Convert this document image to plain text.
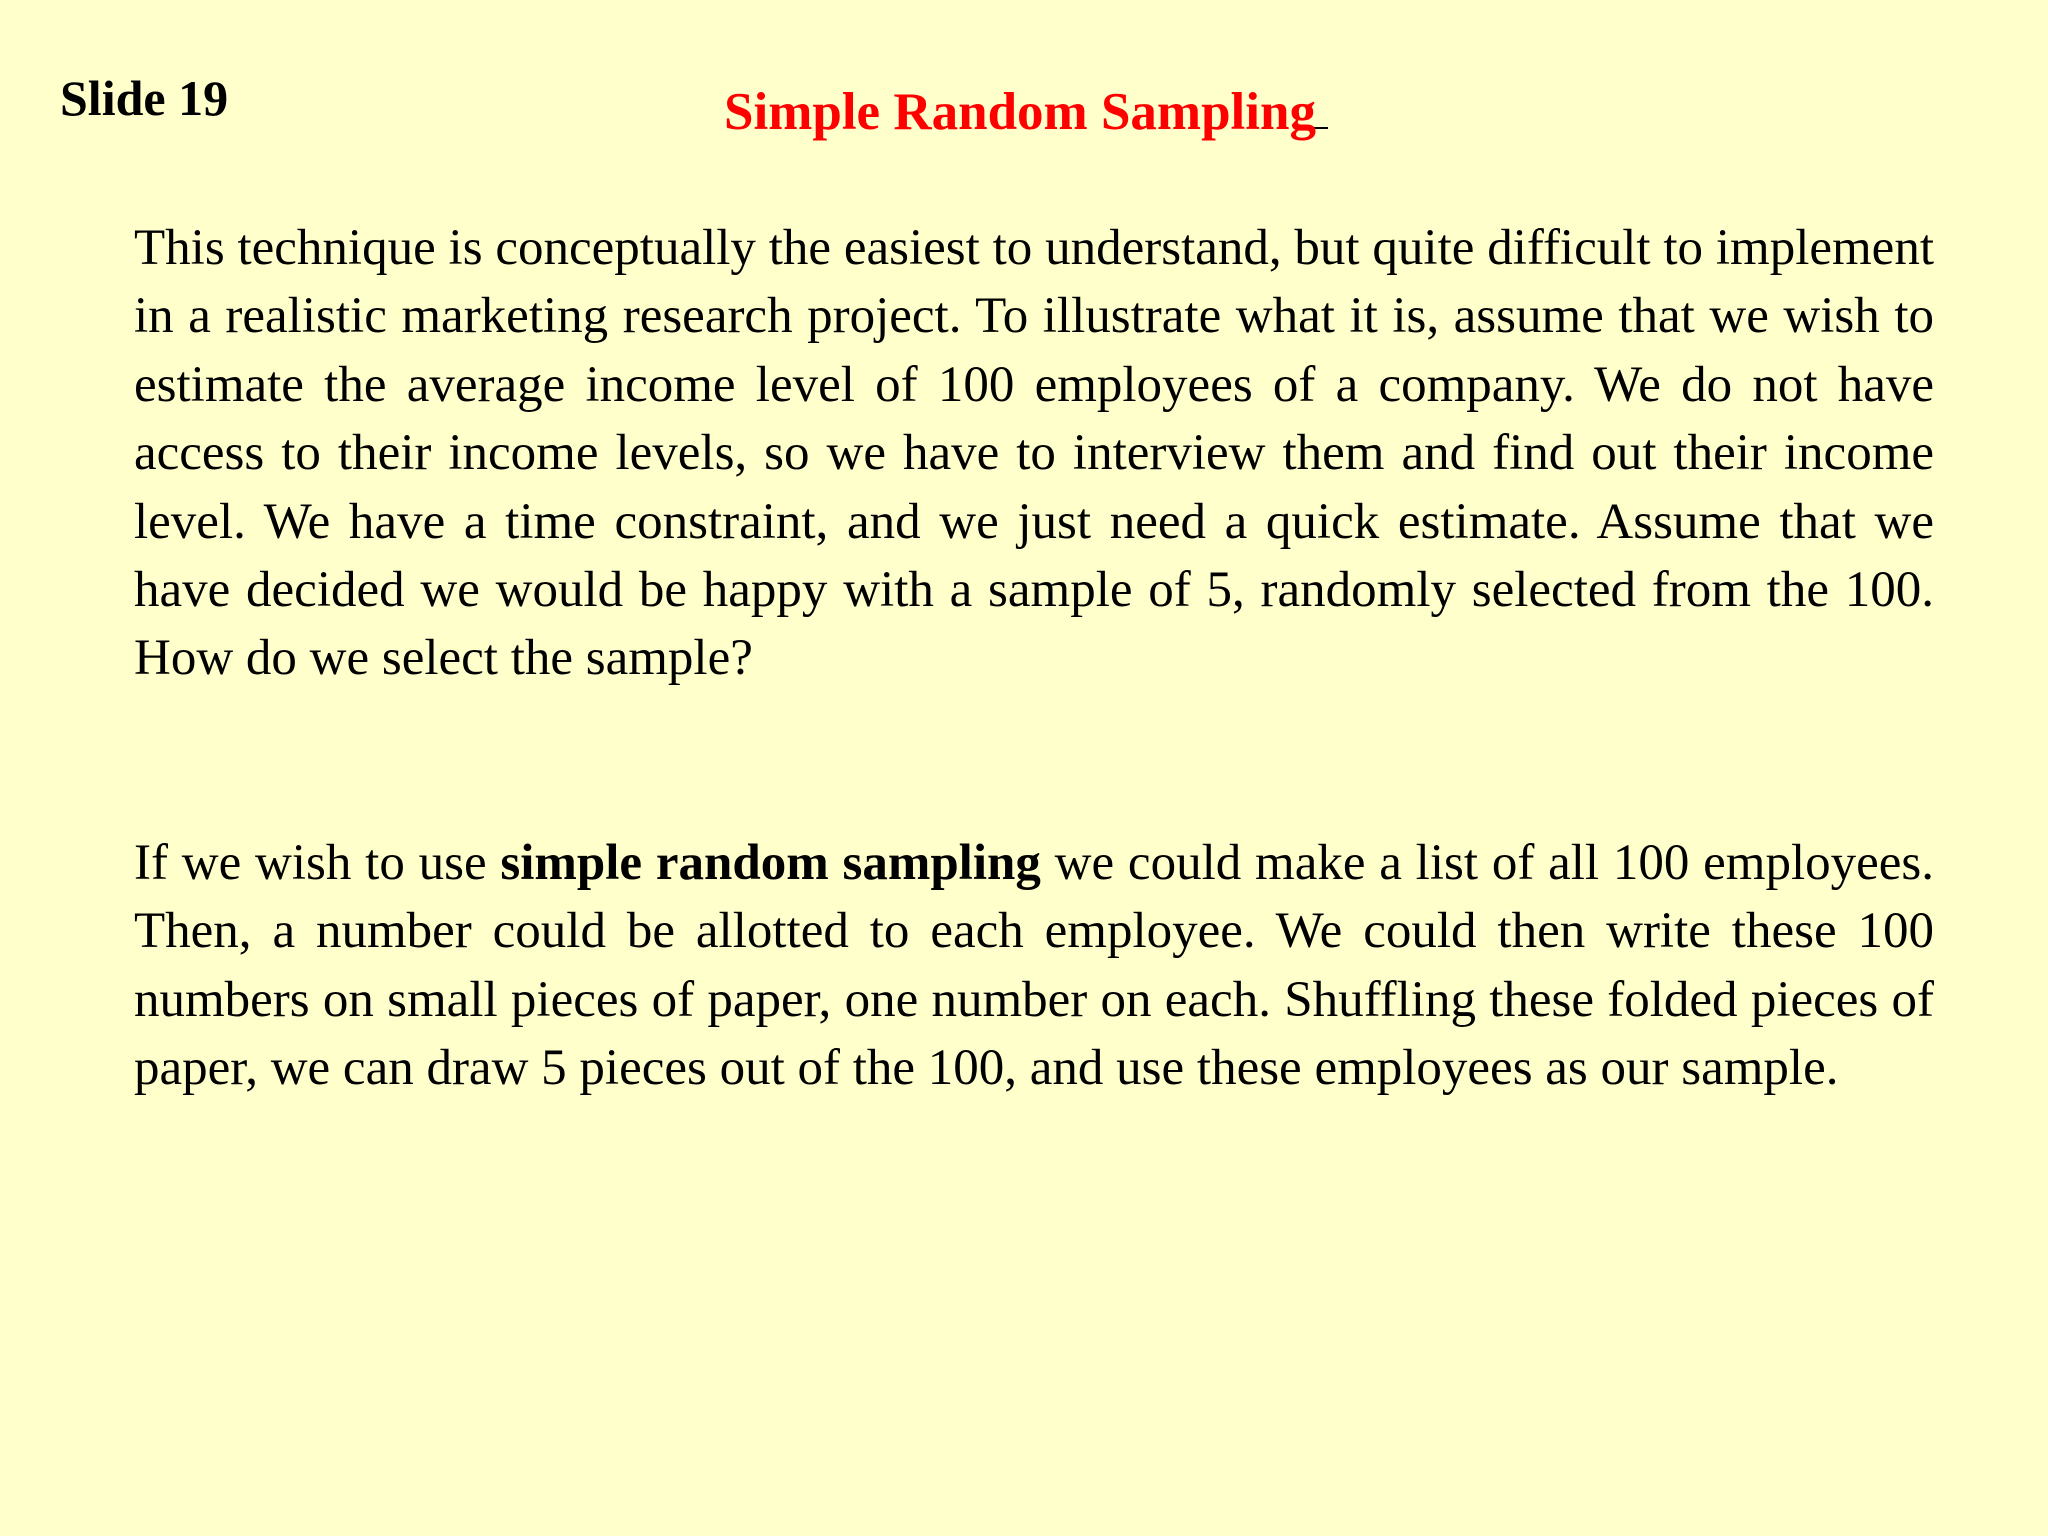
Slide 19	Simple Random Sampling

This technique is conceptually the easiest to understand, but quite difficult to implement in a realistic marketing research project. To illustrate what it is, assume that we wish to estimate the average income level of 100 employees of a company. We do not have access to their income levels, so we have to interview them and find out their income level. We have a time constraint, and we just need a quick estimate. Assume that we have decided we would be happy with a sample of 5, randomly selected from the 100. How do we select the sample?

If we wish to use simple random sampling we could make a list of all 100 employees. Then, a number could be allotted to each employee. We could then write these 100 numbers on small pieces of paper, one number on each. Shuffling these folded pieces of paper, we can draw 5 pieces out of the 100, and use these employees as our sample.
